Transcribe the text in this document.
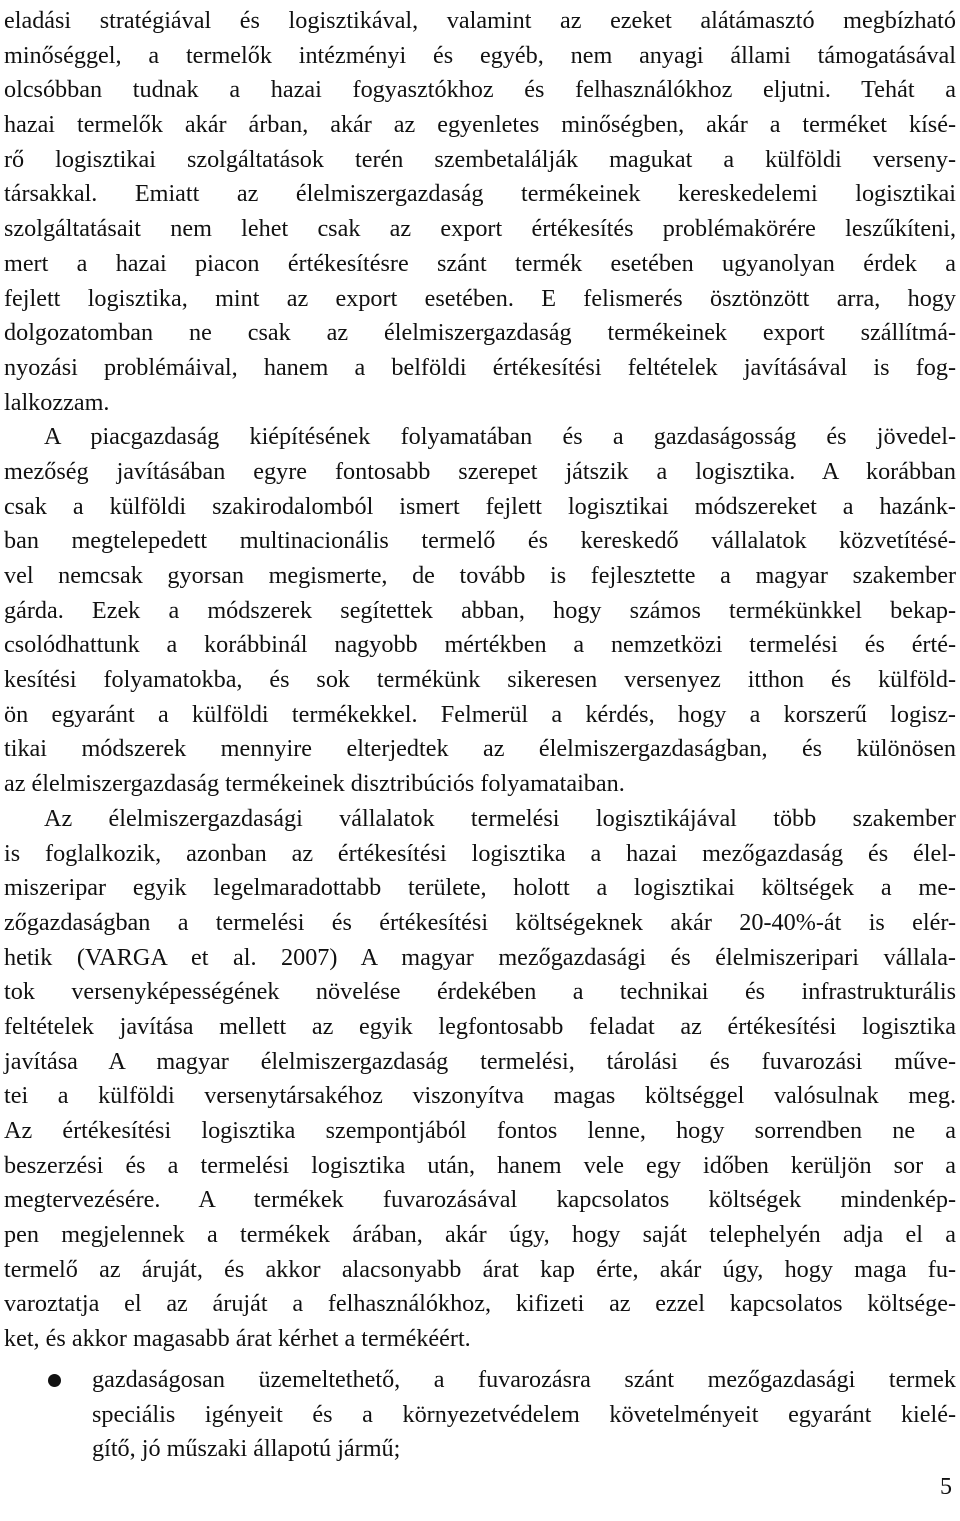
eladási stratégiával és logisztikával, valamint az ezeket alátámasztó megbízható
minőséggel, a termelők intézményi és egyéb, nem anyagi állami támogatásával
olcsóbban tudnak a hazai fogyasztókhoz és felhasználókhoz eljutni. Tehát a
hazai termelők akár árban, akár az egyenletes minőségben, akár a terméket kísé-
rő logisztikai szolgáltatások terén szembetalálják magukat a külföldi verseny-
társakkal. Emiatt az élelmiszergazdaság termékeinek kereskedelemi logisztikai
szolgáltatásait nem lehet csak az export értékesítés problémakörére leszűkíteni,
mert a hazai piacon értékesítésre szánt termék esetében ugyanolyan érdek a
fejlett logisztika, mint az export esetében. E felismerés ösztönzött arra, hogy
dolgozatomban ne csak az élelmiszergazdaság termékeinek export szállítmá-
nyozási problémáival, hanem a belföldi értékesítési feltételek javításával is fog-
lalkozzam.
A piacgazdaság kiépítésének folyamatában és a gazdaságosság és jövedel-
mezőség javításában egyre fontosabb szerepet játszik a logisztika. A korábban
csak a külföldi szakirodalomból ismert fejlett logisztikai módszereket a hazánk-
ban megtelepedett multinacionális termelő és kereskedő vállalatok közvetítésé-
vel nemcsak gyorsan megismerte, de tovább is fejlesztette a magyar szakember
gárda. Ezek a módszerek segítettek abban, hogy számos termékünkkel bekap-
csolódhattunk a korábbinál nagyobb mértékben a nemzetközi termelési és érté-
kesítési folyamatokba, és sok termékünk sikeresen versenyez itthon és külföld-
ön egyaránt a külföldi termékekkel. Felmerül a kérdés, hogy a korszerű logisz-
tikai módszerek mennyire elterjedtek az élelmiszergazdaságban, és különösen
az élelmiszergazdaság termékeinek disztribúciós folyamataiban.
Az élelmiszergazdasági vállalatok termelési logisztikájával több szakember
is foglalkozik, azonban az értékesítési logisztika a hazai mezőgazdaság és élel-
miszeripar egyik legelmaradottabb területe, holott a logisztikai költségek a me-
zőgazdaságban a termelési és értékesítési költségeknek akár 20-40%-át is elér-
hetik (VARGA et al. 2007) A magyar mezőgazdasági és élelmiszeripari vállala-
tok versenyképességének növelése érdekében a technikai és infrastrukturális
feltételek javítása mellett az egyik legfontosabb feladat az értékesítési logisztika
javítása A magyar élelmiszergazdaság termelési, tárolási és fuvarozási műve-
tei a külföldi versenytársakéhoz viszonyítva magas költséggel valósulnak meg.
Az értékesítési logisztika szempontjából fontos lenne, hogy sorrendben ne a
beszerzési és a termelési logisztika után, hanem vele egy időben kerüljön sor a
megtervezésére. A termékek fuvarozásával kapcsolatos költségek mindenkép-
pen megjelennek a termékek árában, akár úgy, hogy saját telephelyén adja el a
termelő az áruját, és akkor alacsonyabb árat kap érte, akár úgy, hogy maga fu-
varoztatja el az áruját a felhasználókhoz, kifizeti az ezzel kapcsolatos költsége-
ket, és akkor magasabb árat kérhet a termékéért.
gazdaságosan üzemeltethető, a fuvarozásra szánt mezőgazdasági termek
speciális igényeit és a környezetvédelem követelményeit egyaránt kielé-
gítő, jó műszaki állapotú jármű;
5
